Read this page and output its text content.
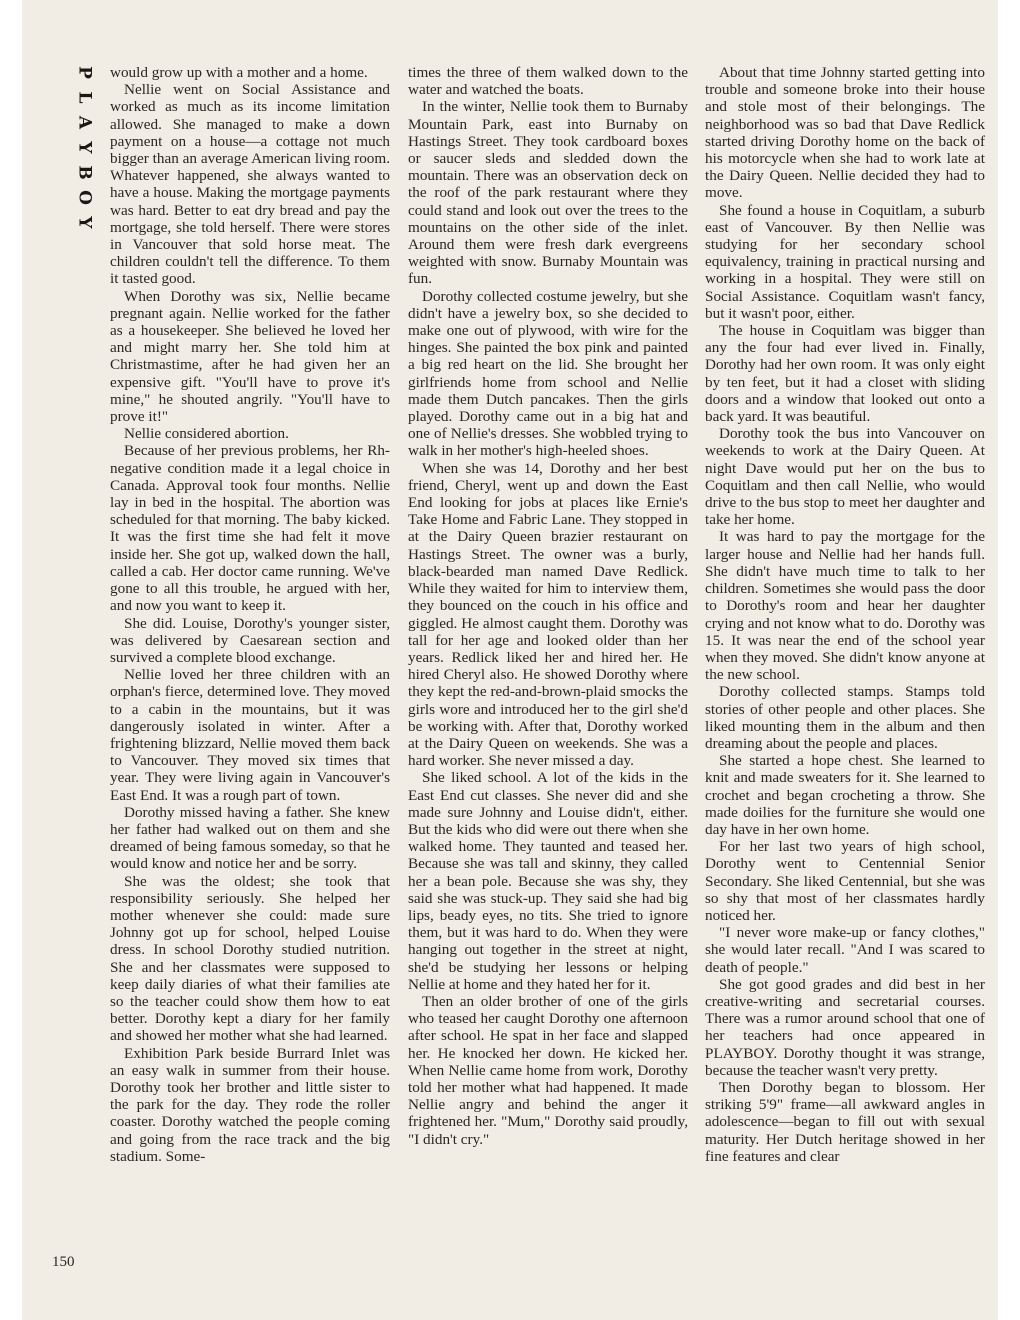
P
L
A
Y
B
O
Y
150

would grow up with a mother and a home.

Nellie went on Social Assistance and worked as much as its income limitation allowed. She managed to make a down payment on a house—a cottage not much bigger than an average American living room. Whatever happened, she always wanted to have a house. Making the mortgage payments was hard. Better to eat dry bread and pay the mortgage, she told herself. There were stores in Vancouver that sold horse meat. The children couldn't tell the difference. To them it tasted good.

When Dorothy was six, Nellie became pregnant again. Nellie worked for the father as a housekeeper. She believed he loved her and might marry her. She told him at Christmastime, after he had given her an expensive gift. "You'll have to prove it's mine," he shouted angrily. "You'll have to prove it!"

Nellie considered abortion.

Because of her previous problems, her Rh-negative condition made it a legal choice in Canada. Approval took four months. Nellie lay in bed in the hospital. The abortion was scheduled for that morning. The baby kicked. It was the first time she had felt it move inside her. She got up, walked down the hall, called a cab. Her doctor came running. We've gone to all this trouble, he argued with her, and now you want to keep it.

She did. Louise, Dorothy's younger sister, was delivered by Caesarean section and survived a complete blood exchange.

Nellie loved her three children with an orphan's fierce, determined love. They moved to a cabin in the mountains, but it was dangerously isolated in winter. After a frightening blizzard, Nellie moved them back to Vancouver. They moved six times that year. They were living again in Vancouver's East End. It was a rough part of town.

Dorothy missed having a father. She knew her father had walked out on them and she dreamed of being famous someday, so that he would know and notice her and be sorry.

She was the oldest; she took that responsibility seriously. She helped her mother whenever she could: made sure Johnny got up for school, helped Louise dress. In school Dorothy studied nutrition. She and her classmates were supposed to keep daily diaries of what their families ate so the teacher could show them how to eat better. Dorothy kept a diary for her family and showed her mother what she had learned.

Exhibition Park beside Burrard Inlet was an easy walk in summer from their house. Dorothy took her brother and little sister to the park for the day. They rode the roller coaster. Dorothy watched the people coming and going from the race track and the big stadium. Some-

times the three of them walked down to the water and watched the boats.

In the winter, Nellie took them to Burnaby Mountain Park, east into Burnaby on Hastings Street. They took cardboard boxes or saucer sleds and sledded down the mountain. There was an observation deck on the roof of the park restaurant where they could stand and look out over the trees to the mountains on the other side of the inlet. Around them were fresh dark evergreens weighted with snow. Burnaby Mountain was fun.

Dorothy collected costume jewelry, but she didn't have a jewelry box, so she decided to make one out of plywood, with wire for the hinges. She painted the box pink and painted a big red heart on the lid. She brought her girlfriends home from school and Nellie made them Dutch pancakes. Then the girls played. Dorothy came out in a big hat and one of Nellie's dresses. She wobbled trying to walk in her mother's high-heeled shoes.

When she was 14, Dorothy and her best friend, Cheryl, went up and down the East End looking for jobs at places like Ernie's Take Home and Fabric Lane. They stopped in at the Dairy Queen brazier restaurant on Hastings Street. The owner was a burly, black-bearded man named Dave Redlick. While they waited for him to interview them, they bounced on the couch in his office and giggled. He almost caught them. Dorothy was tall for her age and looked older than her years. Redlick liked her and hired her. He hired Cheryl also. He showed Dorothy where they kept the red-and-brown-plaid smocks the girls wore and introduced her to the girl she'd be working with. After that, Dorothy worked at the Dairy Queen on weekends. She was a hard worker. She never missed a day.

She liked school. A lot of the kids in the East End cut classes. She never did and she made sure Johnny and Louise didn't, either. But the kids who did were out there when she walked home. They taunted and teased her. Because she was tall and skinny, they called her a bean pole. Because she was shy, they said she was stuck-up. They said she had big lips, beady eyes, no tits. She tried to ignore them, but it was hard to do. When they were hanging out together in the street at night, she'd be studying her lessons or helping Nellie at home and they hated her for it.

Then an older brother of one of the girls who teased her caught Dorothy one afternoon after school. He spat in her face and slapped her. He knocked her down. He kicked her. When Nellie came home from work, Dorothy told her mother what had happened. It made Nellie angry and behind the anger it frightened her. "Mum," Dorothy said proudly, "I didn't cry."

About that time Johnny started getting into trouble and someone broke into their house and stole most of their belongings. The neighborhood was so bad that Dave Redlick started driving Dorothy home on the back of his motorcycle when she had to work late at the Dairy Queen. Nellie decided they had to move.

She found a house in Coquitlam, a suburb east of Vancouver. By then Nellie was studying for her secondary school equivalency, training in practical nursing and working in a hospital. They were still on Social Assistance. Coquitlam wasn't fancy, but it wasn't poor, either.

The house in Coquitlam was bigger than any the four had ever lived in. Finally, Dorothy had her own room. It was only eight by ten feet, but it had a closet with sliding doors and a window that looked out onto a back yard. It was beautiful.

Dorothy took the bus into Vancouver on weekends to work at the Dairy Queen. At night Dave would put her on the bus to Coquitlam and then call Nellie, who would drive to the bus stop to meet her daughter and take her home.

It was hard to pay the mortgage for the larger house and Nellie had her hands full. She didn't have much time to talk to her children. Sometimes she would pass the door to Dorothy's room and hear her daughter crying and not know what to do. Dorothy was 15. It was near the end of the school year when they moved. She didn't know anyone at the new school.

Dorothy collected stamps. Stamps told stories of other people and other places. She liked mounting them in the album and then dreaming about the people and places.

She started a hope chest. She learned to knit and made sweaters for it. She learned to crochet and began crocheting a throw. She made doilies for the furniture she would one day have in her own home.

For her last two years of high school, Dorothy went to Centennial Senior Secondary. She liked Centennial, but she was so shy that most of her classmates hardly noticed her.

"I never wore make-up or fancy clothes," she would later recall. "And I was scared to death of people."

She got good grades and did best in her creative-writing and secretarial courses. There was a rumor around school that one of her teachers had once appeared in PLAYBOY. Dorothy thought it was strange, because the teacher wasn't very pretty.

Then Dorothy began to blossom. Her striking 5'9" frame—all awkward angles in adolescence—began to fill out with sexual maturity. Her Dutch heritage showed in her fine features and clear
